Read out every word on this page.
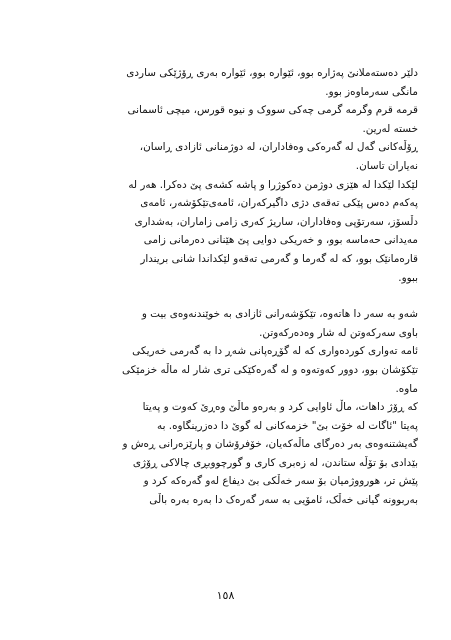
دلێر دەستەملانێ پەژارە بوو، ئێوارە بوو، ئێوارە بەری ڕۆژێکی ساردی
مانگی سەرماوەز بوو.

قرمە قرم وگرمە گرمی چەکی سووک و نیوە قورس، میچی ئاسمانی
خستە لەرین.

ڕۆڵەکانی گەل لە گەرەکی وەفاداران، لە دوژمنانی ئازادی ڕاسان،
نەیاران تاسان.

لێکدا لێکدا لە هێزی دوژمن دەکوژرا و پاشە کشەی پێ دەکرا. هەر لە
پەکەم دەس پێکی تەقەی دژی داگیرکەران، ئامەی‌تێکۆشەر، ئامەی
دڵسۆز، سەرتۆپی وەفاداران، ساریژ کەری زامی زاماران، بەشداری
مەیدانی حەماسە بوو، و خەریکی دوایی پێ هێنانی دەرمانی زامی
قارەمانێک بوو، کە لە گەرما و گەرمی تەقەو لێکداندا شانی بریندار
ببوو.

شەو بە سەر دا هاتەوە، تێکۆشەرانی ئازادی بە خوێندنەوەی بیت و
باوی سەرکەوتن لە شار وەدەرکەوتن.

ئامە تەواری کوردەواری کە لە گۆڕەپانی شەڕ دا بە گەرمی خەریکی
تێکۆشان بوو، دوور کەوتەوە و لە گەرەکێکی تری شار لە ماڵە خزمێکی
ماوە.

کە ڕۆژ داهات، ماڵ ئاوایی کرد و بەرەو ماڵێ وەڕێ کەوت و پەیتا
پەیتا "ئاگات لە خۆت بێ" خزمەکانی لە گوێ دا دەزرینگاوە. بە
گەیشتنەوەی بەر دەرگای ماڵەکەیان، خۆفرۆشان و پارێزەرانی ڕەش و
بێدادی بۆ تۆڵە ستاندن، لە زەبری کاری و گورچووبڕی چالاکی ڕۆژی
پێش تر، هورووژمیان بۆ سەر خەڵکی بێ دیفاع لەو گەرەکە کرد و
بەربوونە گیانی خەڵک، ئامۆیی بە سەر گەرەک دا بەرە بەرە باڵی

١٥٨
